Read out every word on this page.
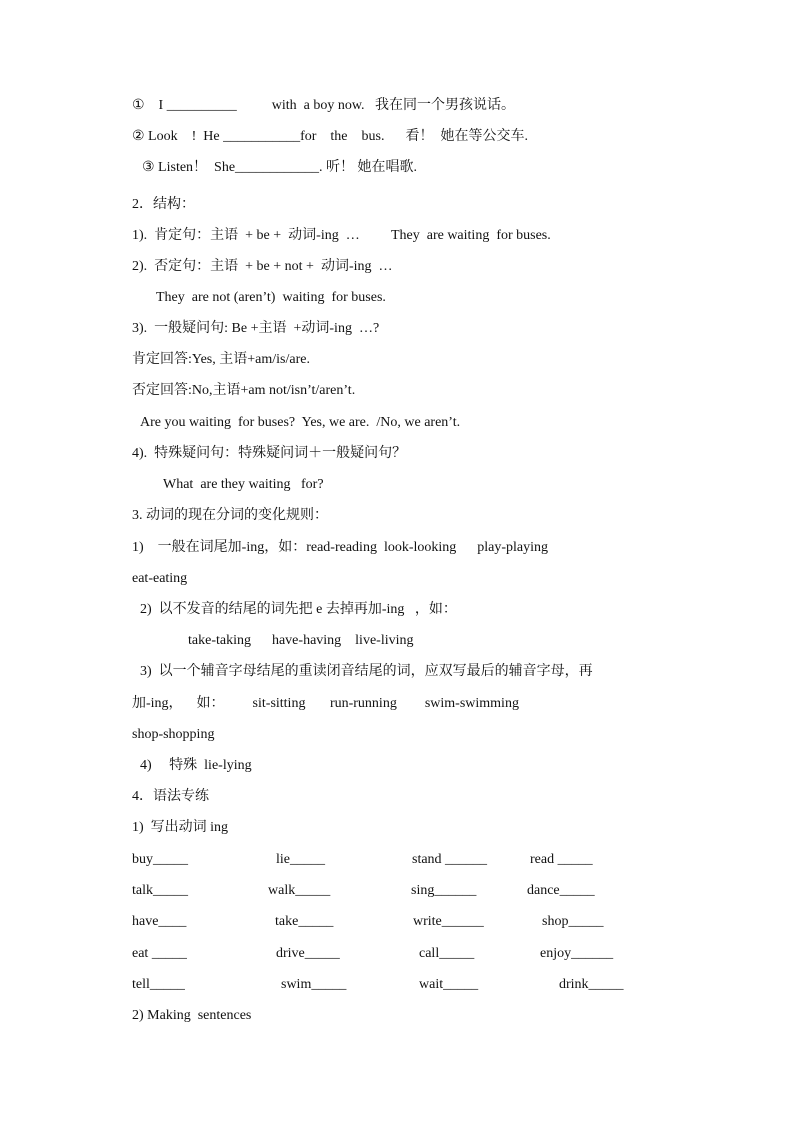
①    I __________          with  a boy now.   我在同一个男孩说话。
② Look    !  He ___________for    the    bus.      看！  她在等公交车.
③ Listen！  She____________. 听！ 她在唱歌.
2．结构：
1).  肯定句：主语  + be +  动词-ing  …         They  are waiting  for buses.
2).  否定句：主语  + be + not +  动词-ing  …
They  are not (aren’t)  waiting  for buses.
3).  一般疑问句: Be +主语  +动词-ing  …?
肯定回答:Yes, 主语+am/is/are.
否定回答:No,主语+am not/isn’t/aren’t.
Are you waiting  for buses?  Yes, we are.  /No, we aren’t.
4).  特殊疑问句：特殊疑问词＋一般疑问句？
What  are they waiting   for?
3. 动词的现在分词的变化规则：
1)    一般在词尾加-ing，如：read-reading  look-looking      play-playing
eat-eating
2)  以不发音的结尾的词先把 e 去掉再加-ing   ，如：
take-taking      have-having    live-living
3)  以一个辅音字母结尾的重读闭音结尾的词，应双写最后的辅音字母，再
加-ing，    如：        sit-sitting       run-running        swim-swimming
shop-shopping
4)     特殊  lie-lying
4．语法专练
1)  写出动词 ing
buy_____	lie_____	stand ______	read _____
talk_____	walk_____	sing______	dance_____
have____	take_____	write______	shop_____
eat _____	drive_____	call_____	enjoy______
tell_____	swim_____	wait_____	drink_____
2) Making  sentences
